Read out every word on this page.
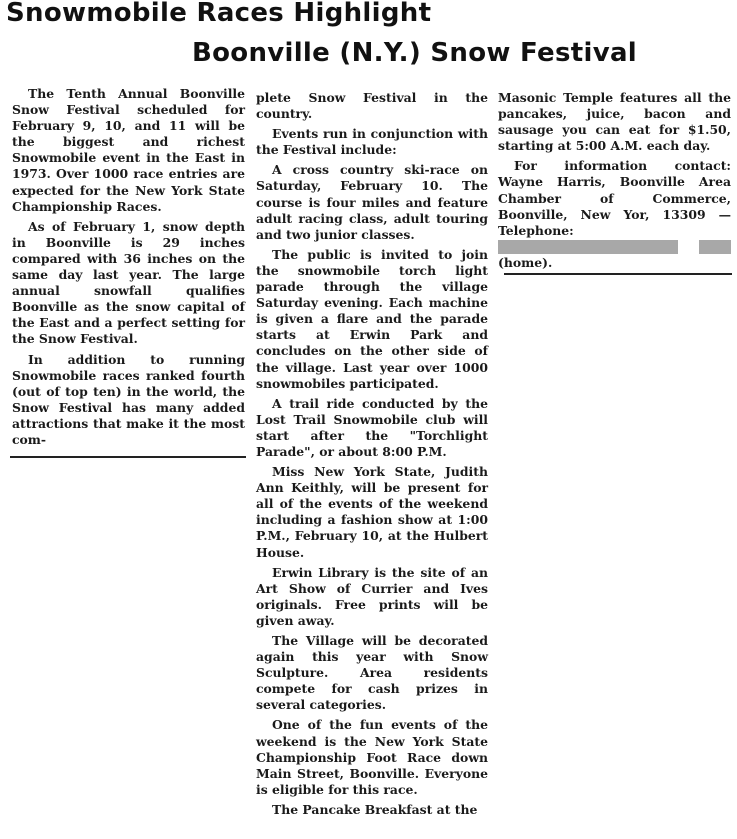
Snowmobile Races Highlight
Boonville (N.Y.) Snow Festival

The Tenth Annual Boonville Snow Festival scheduled for February 9, 10, and 11 will be the biggest and richest Snowmobile event in the East in 1973. Over 1000 race entries are expected for the New York State Championship Races.

As of February 1, snow depth in Boonville is 29 inches compared with 36 inches on the same day last year. The large annual snowfall qualifies Boonville as the snow capital of the East and a perfect setting for the Snow Festival.

In addition to running Snowmobile races ranked fourth (out of top ten) in the world, the Snow Festival has many added attractions that make it the most com-

plete Snow Festival in the country.

Events run in conjunction with the Festival include:

A cross country ski-race on Saturday, February 10. The course is four miles and feature adult racing class, adult touring and two junior classes.

The public is invited to join the snowmobile torch light parade through the village Saturday evening. Each machine is given a flare and the parade starts at Erwin Park and concludes on the other side of the village. Last year over 1000 snowmobiles participated.

A trail ride conducted by the Lost Trail Snowmobile club will start after the "Torchlight Parade", or about 8:00 P.M.

Miss New York State, Judith Ann Keithly, will be present for all of the events of the weekend including a fashion show at 1:00 P.M., February 10, at the Hulbert House.

Erwin Library is the site of an Art Show of Currier and Ives originals. Free prints will be given away.

The Village will be decorated again this year with Snow Sculpture. Area residents compete for cash prizes in several categories.

One of the fun events of the weekend is the New York State Championship Foot Race down Main Street, Boonville. Everyone is eligible for this race.

The Pancake Breakfast at the

Masonic Temple features all the pancakes, juice, bacon and sausage you can eat for $1.50, starting at 5:00 A.M. each day.

For information contact: Wayne Harris, Boonville Area Chamber of Commerce, Boonville, New Yor, 13309 — Telephone:   (home).
